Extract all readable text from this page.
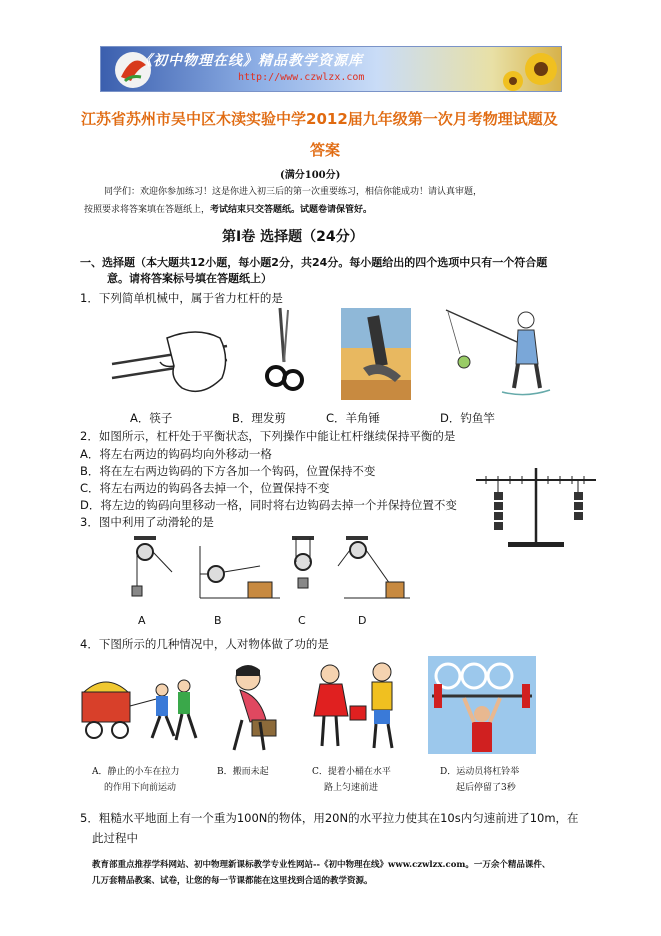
《初中物理在线》精品教学资源库
http://www.czwlzx.com
江苏省苏州市吴中区木渎实验中学2012届九年级第一次月考物理试题及
答案
(满分100分)
同学们：欢迎你参加练习！这是你进入初三后的第一次重要练习，相信你能成功！请认真审题，
按照要求将答案填在答题纸上，考试结束只交答题纸。试题卷请保管好。
第Ⅰ卷 选择题（24分）
一、选择题（本大题共12小题，每小题2分，共24分。每小题给出的四个选项中只有一个符合题
意。请将答案标号填在答题纸上）
1．下列简单机械中，属于省力杠杆的是
A．筷子	B．理发剪	C．羊角锤	D．钓鱼竿
2．如图所示，杠杆处于平衡状态，下列操作中能让杠杆继续保持平衡的是
A．将左右两边的钩码均向外移动一格
B．将在左右两边钩码的下方各加一个钩码，位置保持不变
C．将左右两边的钩码各去掉一个，位置保持不变
D．将左边的钩码向里移动一格，同时将右边钩码去掉一个并保持位置不变
3．图中利用了动滑轮的是
A	B	C	D
4．下图所示的几种情况中，人对物体做了功的是
A．静止的小车在拉力
的作用下向前运动
B．搬而未起	C．提着小桶在水平
路上匀速前进
D．运动员将杠铃举
起后停留了3秒
5．粗糙水平地面上有一个重为100N的物体，用20N的水平拉力使其在10s内匀速前进了10m，在
此过程中
教育部重点推荐学科网站、初中物理新课标教学专业性网站--《初中物理在线》www.czwlzx.com。一万余个精品课件、
几万套精品教案、试卷，让您的每一节课都能在这里找到合适的教学资源。
